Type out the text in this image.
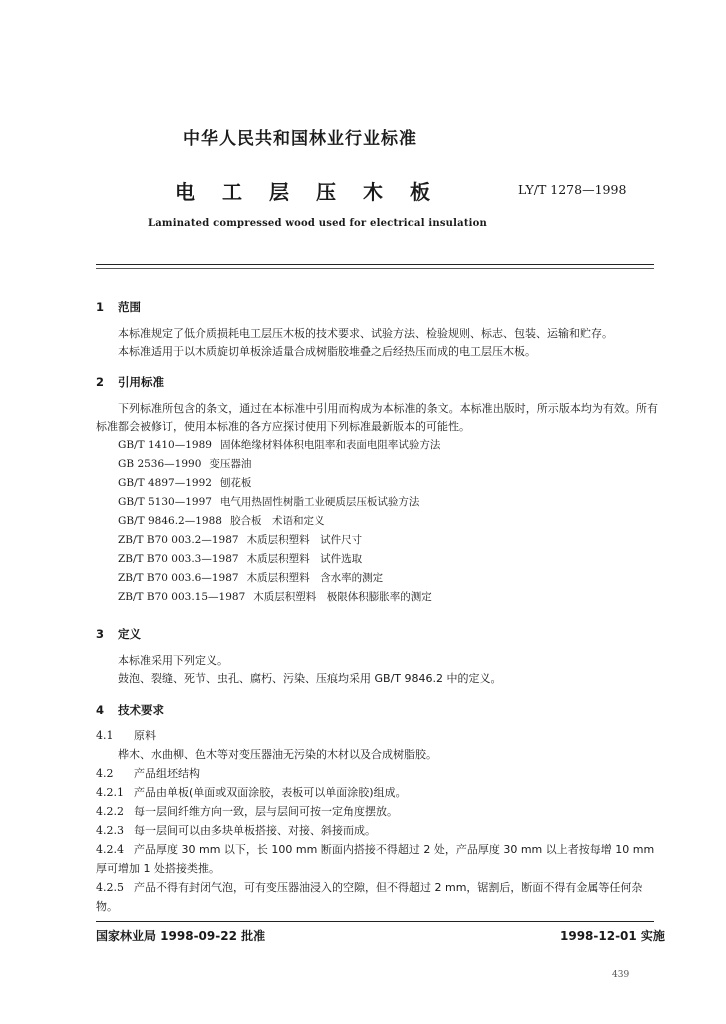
中华人民共和国林业行业标准
电工层压木板	LY/T 1278—1998
Laminated compressed wood used for electrical insulation
1 范围
本标准规定了低介质损耗电工层压木板的技术要求、试验方法、检验规则、标志、包装、运输和贮存。
本标准适用于以木质旋切单板涂适量合成树脂胶堆叠之后经热压而成的电工层压木板。
2 引用标准
下列标准所包含的条文，通过在本标准中引用而构成为本标准的条文。本标准出版时，所示版本均为有效。所有标准都会被修订，使用本标准的各方应探讨使用下列标准最新版本的可能性。
GB/T 1410—1989 固体绝缘材料体积电阻率和表面电阻率试验方法
GB 2536—1990 变压器油
GB/T 4897—1992 刨花板
GB/T 5130—1997 电气用热固性树脂工业硬质层压板试验方法
GB/T 9846.2—1988 胶合板　术语和定义
ZB/T B70 003.2—1987 木质层积塑料　试件尺寸
ZB/T B70 003.3—1987 木质层积塑料　试件选取
ZB/T B70 003.6—1987 木质层积塑料　含水率的测定
ZB/T B70 003.15—1987 木质层积塑料　极限体积膨胀率的测定
3 定义
本标准采用下列定义。
鼓泡、裂缝、死节、虫孔、腐朽、污染、压痕均采用 GB/T 9846.2 中的定义。
4 技术要求
4.1 原料
桦木、水曲柳、色木等对变压器油无污染的木材以及合成树脂胶。
4.2 产品组坯结构
4.2.1 产品由单板(单面或双面涂胶，表板可以单面涂胶)组成。
4.2.2 每一层间纤维方向一致，层与层间可按一定角度摆放。
4.2.3 每一层间可以由多块单板搭接、对接、斜接而成。
4.2.4 产品厚度 30 mm 以下，长 100 mm 断面内搭接不得超过 2 处，产品厚度 30 mm 以上者按每增 10 mm 厚可增加 1 处搭接类推。
4.2.5 产品不得有封闭气泡，可有变压器油浸入的空隙，但不得超过 2 mm，锯割后，断面不得有金属等任何杂物。
国家林业局 1998-09-22 批准	1998-12-01 实施
439
